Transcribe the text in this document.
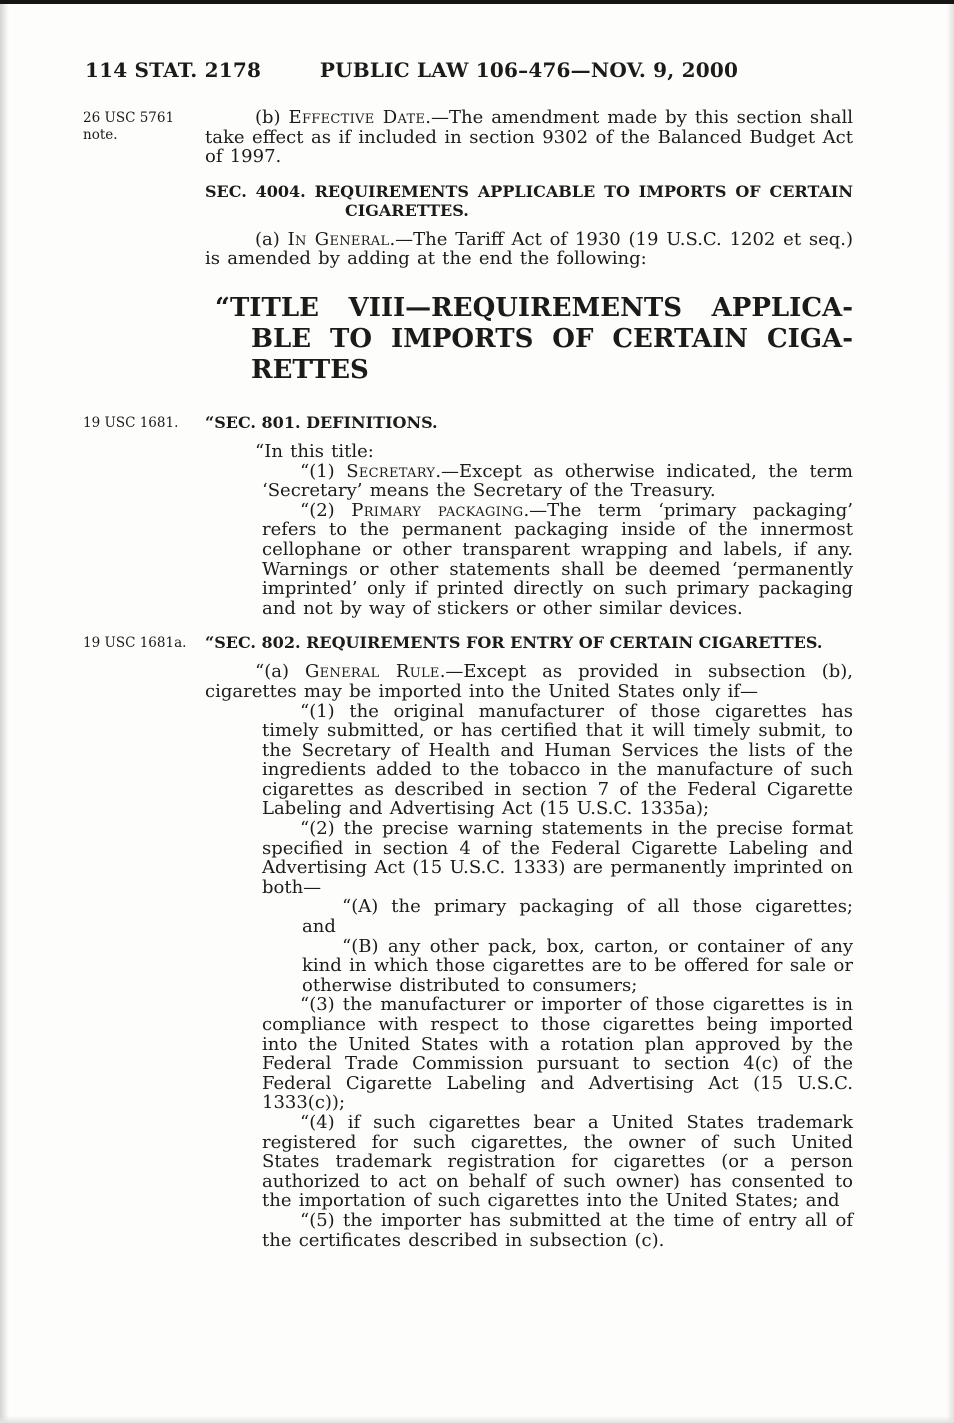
114 STAT. 2178	PUBLIC LAW 106–476—NOV. 9, 2000
26 USC 5761 note.
(b) Effective Date.—The amendment made by this section shall take effect as if included in section 9302 of the Balanced Budget Act of 1997.
SEC. 4004. REQUIREMENTS APPLICABLE TO IMPORTS OF CERTAIN
CIGARETTES.
(a) In General.—The Tariff Act of 1930 (19 U.S.C. 1202 et seq.) is amended by adding at the end the following:
“TITLE VIII—REQUIREMENTS APPLICA-
BLE TO IMPORTS OF CERTAIN CIGA-
RETTES
19 USC 1681.	“SEC. 801. DEFINITIONS.
“In this title:
“(1) Secretary.—Except as otherwise indicated, the term ‘Secretary’ means the Secretary of the Treasury.
“(2) Primary packaging.—The term ‘primary packaging’ refers to the permanent packaging inside of the innermost cellophane or other transparent wrapping and labels, if any. Warnings or other statements shall be deemed ‘permanently imprinted’ only if printed directly on such primary packaging and not by way of stickers or other similar devices.
19 USC 1681a.	“SEC. 802. REQUIREMENTS FOR ENTRY OF CERTAIN CIGARETTES.
“(a) General Rule.—Except as provided in subsection (b), cigarettes may be imported into the United States only if—
“(1) the original manufacturer of those cigarettes has timely submitted, or has certified that it will timely submit, to the Secretary of Health and Human Services the lists of the ingredients added to the tobacco in the manufacture of such cigarettes as described in section 7 of the Federal Cigarette Labeling and Advertising Act (15 U.S.C. 1335a);
“(2) the precise warning statements in the precise format specified in section 4 of the Federal Cigarette Labeling and Advertising Act (15 U.S.C. 1333) are permanently imprinted on both—
“(A) the primary packaging of all those cigarettes; and
“(B) any other pack, box, carton, or container of any kind in which those cigarettes are to be offered for sale or otherwise distributed to consumers;
“(3) the manufacturer or importer of those cigarettes is in compliance with respect to those cigarettes being imported into the United States with a rotation plan approved by the Federal Trade Commission pursuant to section 4(c) of the Federal Cigarette Labeling and Advertising Act (15 U.S.C. 1333(c));
“(4) if such cigarettes bear a United States trademark registered for such cigarettes, the owner of such United States trademark registration for cigarettes (or a person authorized to act on behalf of such owner) has consented to the importation of such cigarettes into the United States; and
“(5) the importer has submitted at the time of entry all of the certificates described in subsection (c).
